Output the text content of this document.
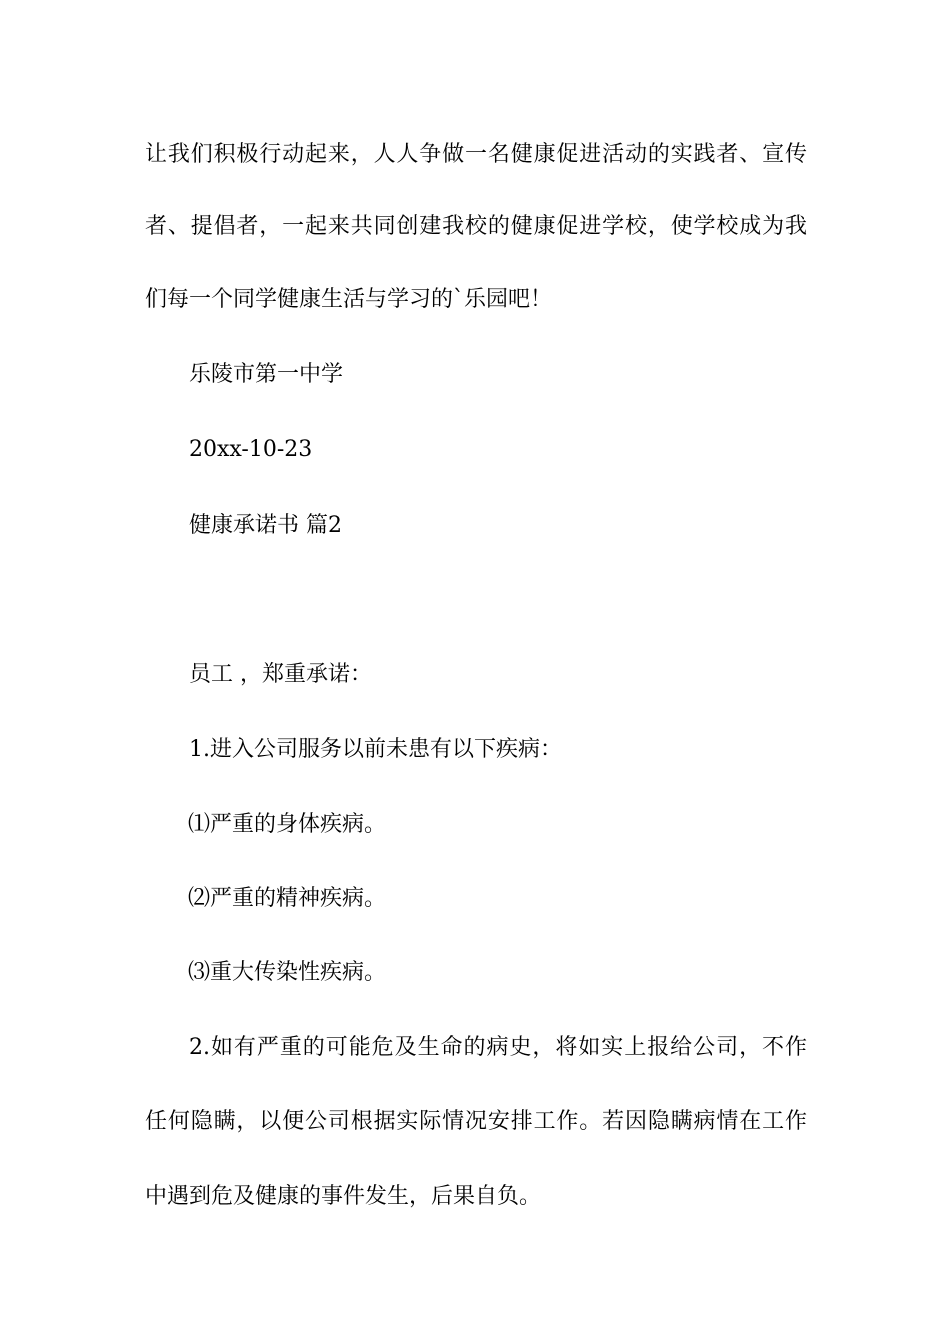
让我们积极行动起来，人人争做一名健康促进活动的实践者、宣传
者、提倡者，一起来共同创建我校的健康促进学校，使学校成为我
们每一个同学健康生活与学习的`乐园吧！
乐陵市第一中学
20xx-10-23
健康承诺书 篇2
员工 ，郑重承诺：
1.进入公司服务以前未患有以下疾病：
⑴严重的身体疾病。
⑵严重的精神疾病。
⑶重大传染性疾病。
2.如有严重的可能危及生命的病史，将如实上报给公司，不作
任何隐瞒，以便公司根据实际情况安排工作。若因隐瞒病情在工作
中遇到危及健康的事件发生，后果自负。
